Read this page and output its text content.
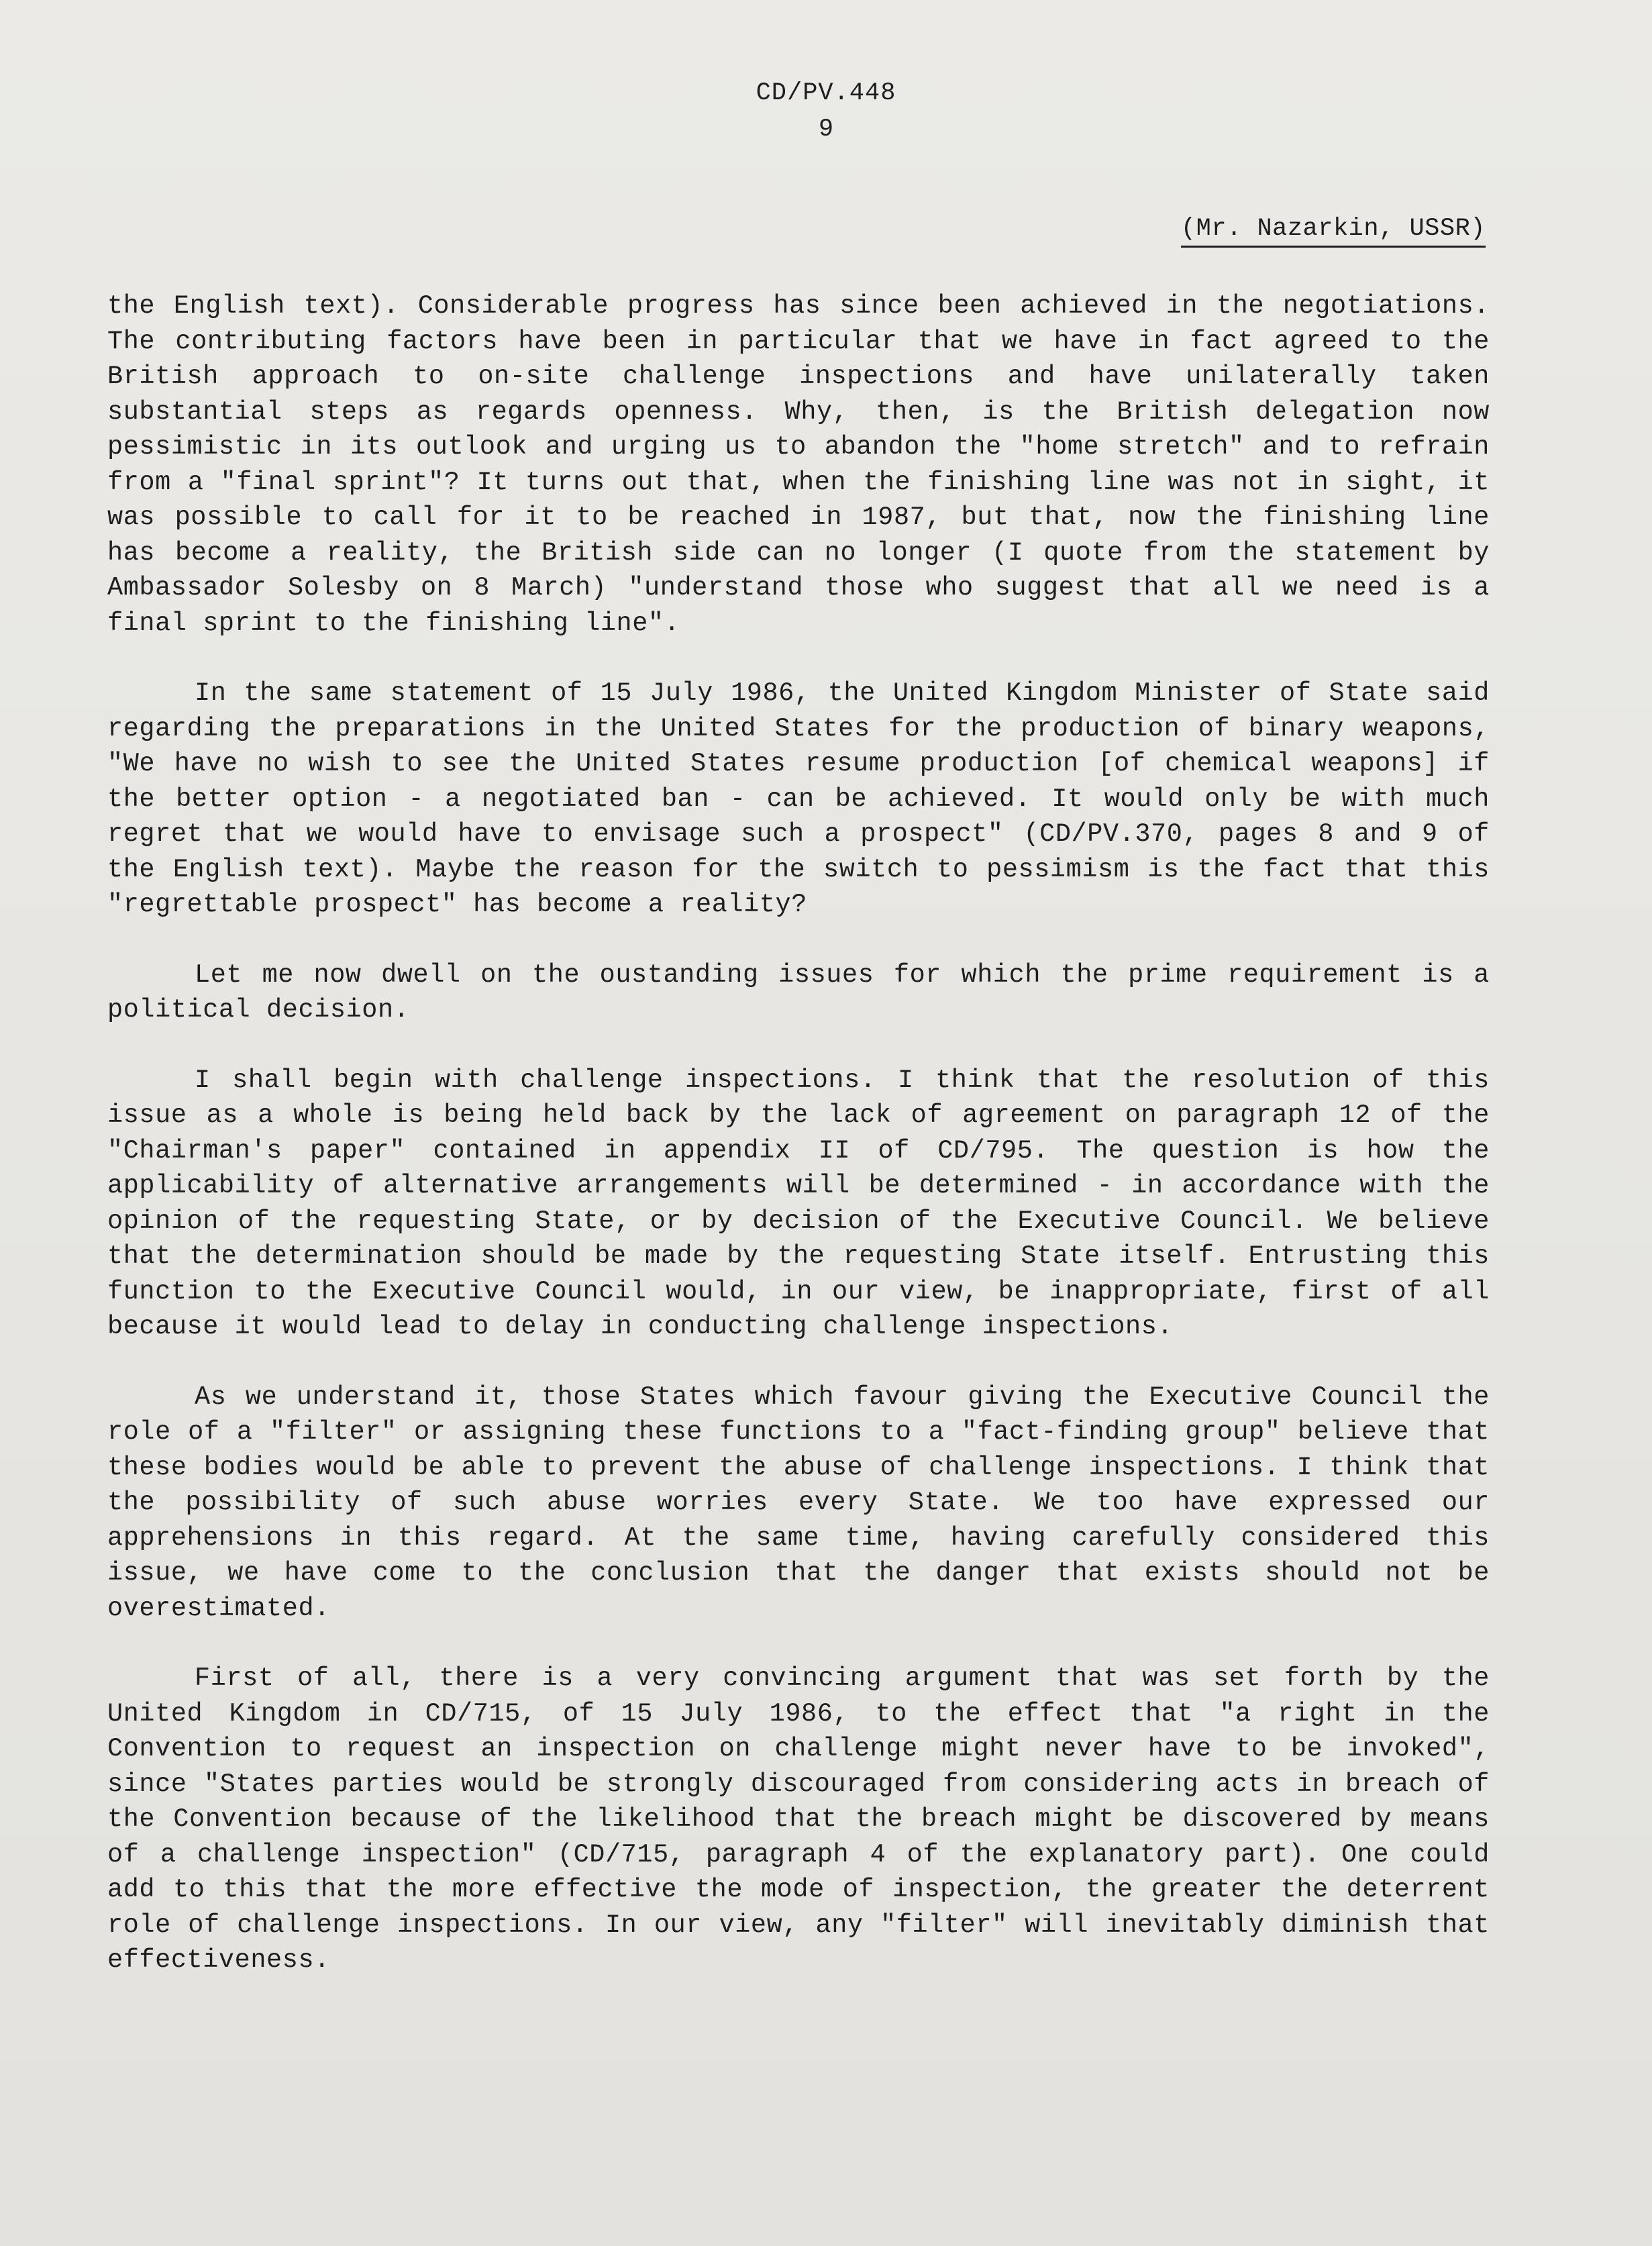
CD/PV.448
9
(Mr. Nazarkin, USSR)

the English text). Considerable progress has since been achieved in the negotiations. The contributing factors have been in particular that we have in fact agreed to the British approach to on-site challenge inspections and have unilaterally taken substantial steps as regards openness. Why, then, is the British delegation now pessimistic in its outlook and urging us to abandon the "home stretch" and to refrain from a "final sprint"? It turns out that, when the finishing line was not in sight, it was possible to call for it to be reached in 1987, but that, now the finishing line has become a reality, the British side can no longer (I quote from the statement by Ambassador Solesby on 8 March) "understand those who suggest that all we need is a final sprint to the finishing line".

In the same statement of 15 July 1986, the United Kingdom Minister of State said regarding the preparations in the United States for the production of binary weapons, "We have no wish to see the United States resume production [of chemical weapons] if the better option - a negotiated ban - can be achieved. It would only be with much regret that we would have to envisage such a prospect" (CD/PV.370, pages 8 and 9 of the English text). Maybe the reason for the switch to pessimism is the fact that this "regrettable prospect" has become a reality?

Let me now dwell on the oustanding issues for which the prime requirement is a political decision.

I shall begin with challenge inspections. I think that the resolution of this issue as a whole is being held back by the lack of agreement on paragraph 12 of the "Chairman's paper" contained in appendix II of CD/795. The question is how the applicability of alternative arrangements will be determined - in accordance with the opinion of the requesting State, or by decision of the Executive Council. We believe that the determination should be made by the requesting State itself. Entrusting this function to the Executive Council would, in our view, be inappropriate, first of all because it would lead to delay in conducting challenge inspections.

As we understand it, those States which favour giving the Executive Council the role of a "filter" or assigning these functions to a "fact-finding group" believe that these bodies would be able to prevent the abuse of challenge inspections. I think that the possibility of such abuse worries every State. We too have expressed our apprehensions in this regard. At the same time, having carefully considered this issue, we have come to the conclusion that the danger that exists should not be overestimated.

First of all, there is a very convincing argument that was set forth by the United Kingdom in CD/715, of 15 July 1986, to the effect that "a right in the Convention to request an inspection on challenge might never have to be invoked", since "States parties would be strongly discouraged from considering acts in breach of the Convention because of the likelihood that the breach might be discovered by means of a challenge inspection" (CD/715, paragraph 4 of the explanatory part). One could add to this that the more effective the mode of inspection, the greater the deterrent role of challenge inspections. In our view, any "filter" will inevitably diminish that effectiveness.
